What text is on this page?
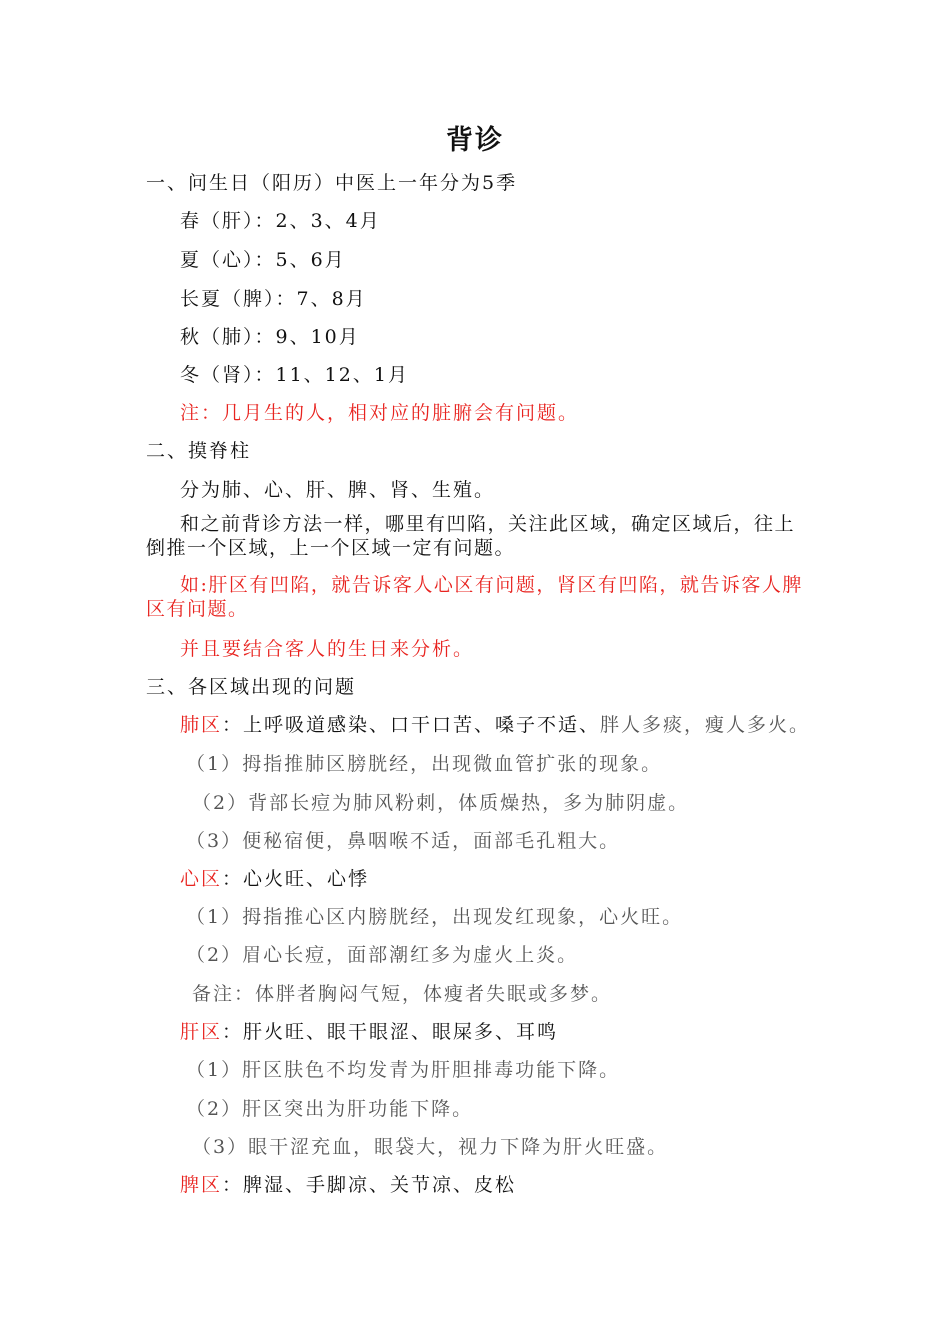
背诊
一、问生日（阳历）中医上一年分为5季
春（肝）：2、3、4月
夏（心）：5、6月
长夏（脾）：7、8月
秋（肺）：9、10月
冬（肾）：11、12、1月
注：几月生的人，相对应的脏腑会有问题。
二、摸脊柱
分为肺、心、肝、脾、肾、生殖。
和之前背诊方法一样，哪里有凹陷，关注此区域，确定区域后，往上倒推一个区域，上一个区域一定有问题。
如:肝区有凹陷，就告诉客人心区有问题，肾区有凹陷，就告诉客人脾区有问题。
并且要结合客人的生日来分析。
三、各区域出现的问题
肺区：上呼吸道感染、口干口苦、嗓子不适、胖人多痰，瘦人多火。
（1）拇指推肺区膀胱经，出现微血管扩张的现象。
（2）背部长痘为肺风粉刺，体质燥热，多为肺阴虚。
（3）便秘宿便，鼻咽喉不适，面部毛孔粗大。
心区：心火旺、心悸
（1）拇指推心区内膀胱经，出现发红现象，心火旺。
（2）眉心长痘，面部潮红多为虚火上炎。
备注：体胖者胸闷气短，体瘦者失眠或多梦。
肝区：肝火旺、眼干眼涩、眼屎多、耳鸣
（1）肝区肤色不均发青为肝胆排毒功能下降。
（2）肝区突出为肝功能下降。
（3）眼干涩充血，眼袋大，视力下降为肝火旺盛。
脾区：脾湿、手脚凉、关节凉、皮松
